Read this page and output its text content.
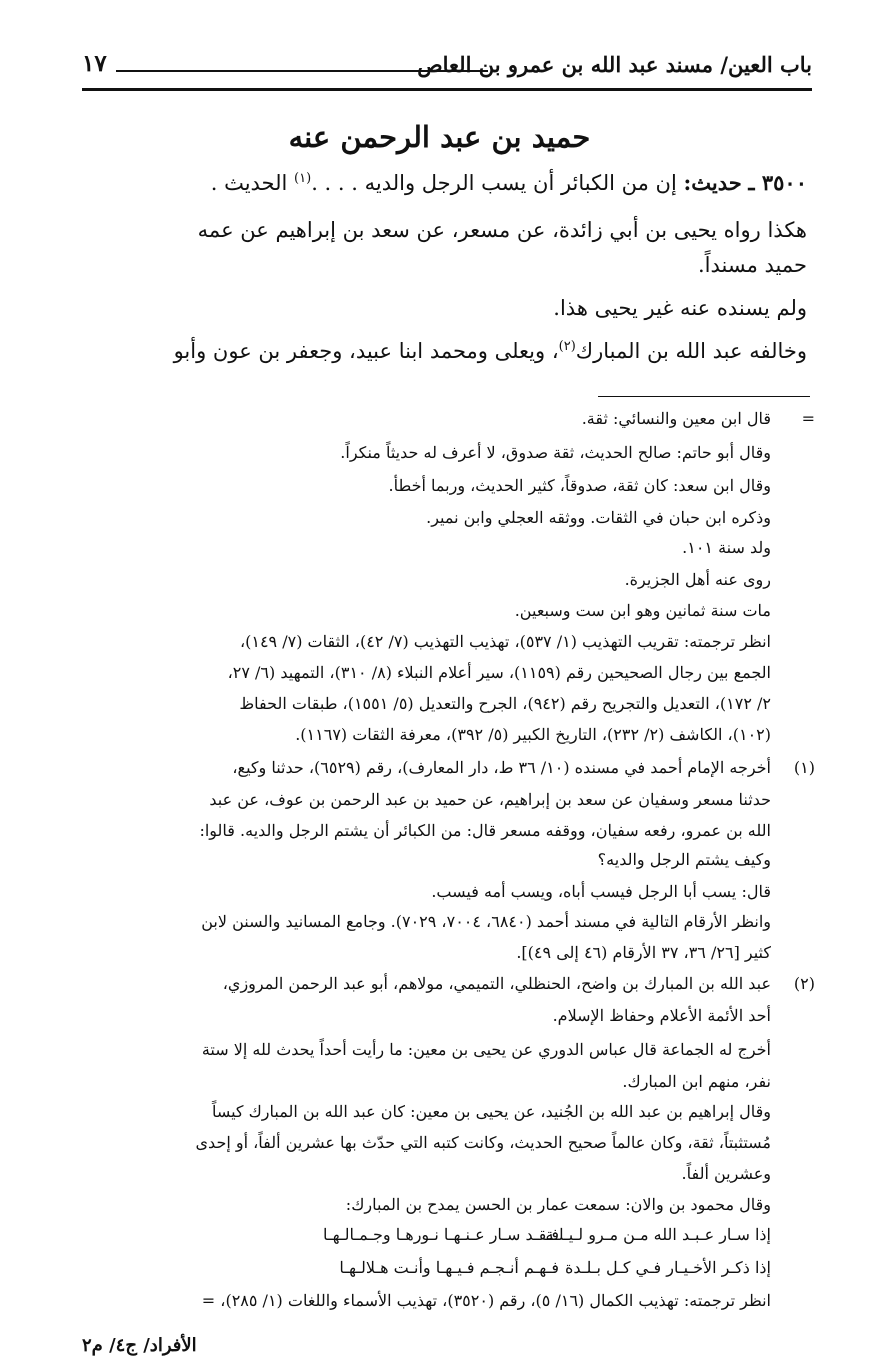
باب العين/ مسند عبد الله بن عمرو بن العاص
١٧
حميد بن عبد الرحمن عنه
٣٥٠٠ ـ حديث: إن من الكبائر أن يسب الرجل والديه . . . .$^{(١)}$ الحديث .
هكذا رواه يحيى بن أبي زائدة، عن مسعر، عن سعد بن إبراهيم عن عمه
حميد مسنداً.
ولم يسنده عنه غير يحيى هذا.
وخالفه عبد الله بن المبارك$^{(٢)}$، ويعلى ومحمد ابنا عبيد، وجعفر بن عون وأبو
=
قال ابن معين والنسائي: ثقة.
وقال أبو حاتم: صالح الحديث، ثقة صدوق، لا أعرف له حديثاً منكراً.
وقال ابن سعد: كان ثقة، صدوقاً، كثير الحديث، وربما أخطأ.
وذكره ابن حبان في الثقات. ووثقه العجلي وابن نمير.
ولد سنة ١٠١.
روى عنه أهل الجزيرة.
مات سنة ثمانين وهو ابن ست وسبعين.
انظر ترجمته: تقريب التهذيب (١/ ٥٣٧)، تهذيب التهذيب (٧/ ٤٢)، الثقات (٧/ ١٤٩)،
الجمع بين رجال الصحيحين رقم (١١٥٩)، سير أعلام النبلاء (٨/ ٣١٠)، التمهيد (٦/ ٢٧،
٢/ ١٧٢)، التعديل والتجريح رقم (٩٤٢)، الجرح والتعديل (٥/ ١٥٥١)، طبقات الحفاظ
(١٠٢)، الكاشف (٢/ ٢٣٢)، التاريخ الكبير (٥/ ٣٩٢)، معرفة الثقات (١١٦٧).
(١)
أخرجه الإمام أحمد في مسنده (١٠/ ٣٦ ط، دار المعارف)، رقم (٦٥٢٩)، حدثنا وكيع،
حدثنا مسعر وسفيان عن سعد بن إبراهيم، عن حميد بن عبد الرحمن بن عوف، عن عبد
الله بن عمرو، رفعه سفيان، ووقفه مسعر قال: من الكبائر أن يشتم الرجل والديه. قالوا:
وكيف يشتم الرجل والديه؟
قال: يسب أبا الرجل فيسب أباه، ويسب أمه فيسب.
وانظر الأرقام التالية في مسند أحمد (٦٨٤٠، ٧٠٠٤، ٧٠٢٩). وجامع المسانيد والسنن لابن
كثير [٢٦/ ٣٦، ٣٧ الأرقام (٤٦ إلى ٤٩)].
(٢)
عبد الله بن المبارك بن واضح، الحنظلي، التميمي، مولاهم، أبو عبد الرحمن المروزي،
أحد الأئمة الأعلام وحفاظ الإسلام.
أخرج له الجماعة قال عباس الدوري عن يحيى بن معين: ما رأيت أحداً يحدث لله إلا ستة
نفر، منهم ابن المبارك.
وقال إبراهيم بن عبد الله بن الجُنيد، عن يحيى بن معين: كان عبد الله بن المبارك كيساً
مُستثبتاً، ثقة، وكان عالماً صحيح الحديث، وكانت كتبه التي حدّث بها عشرين ألفاً، أو إحدى
وعشرين ألفاً.
وقال محمود بن والان: سمعت عمار بن الحسن يمدح بن المبارك:
إذا سـار عـبـد الله مـن مـرو لـيـلـة
فـقـد سـار عـنـهـا نـورهـا وجـمـالـهـا
إذا ذكـر الأخـيـار فـي كـل بـلـدة
فـهـم أنـجـم فـيـهـا وأنـت هـلالـهـا
انظر ترجمته: تهذيب الكمال (١٦/ ٥)، رقم (٣٥٢٠)، تهذيب الأسماء واللغات (١/ ٢٨٥)، =
الأفراد/ ج٤/ م٢
